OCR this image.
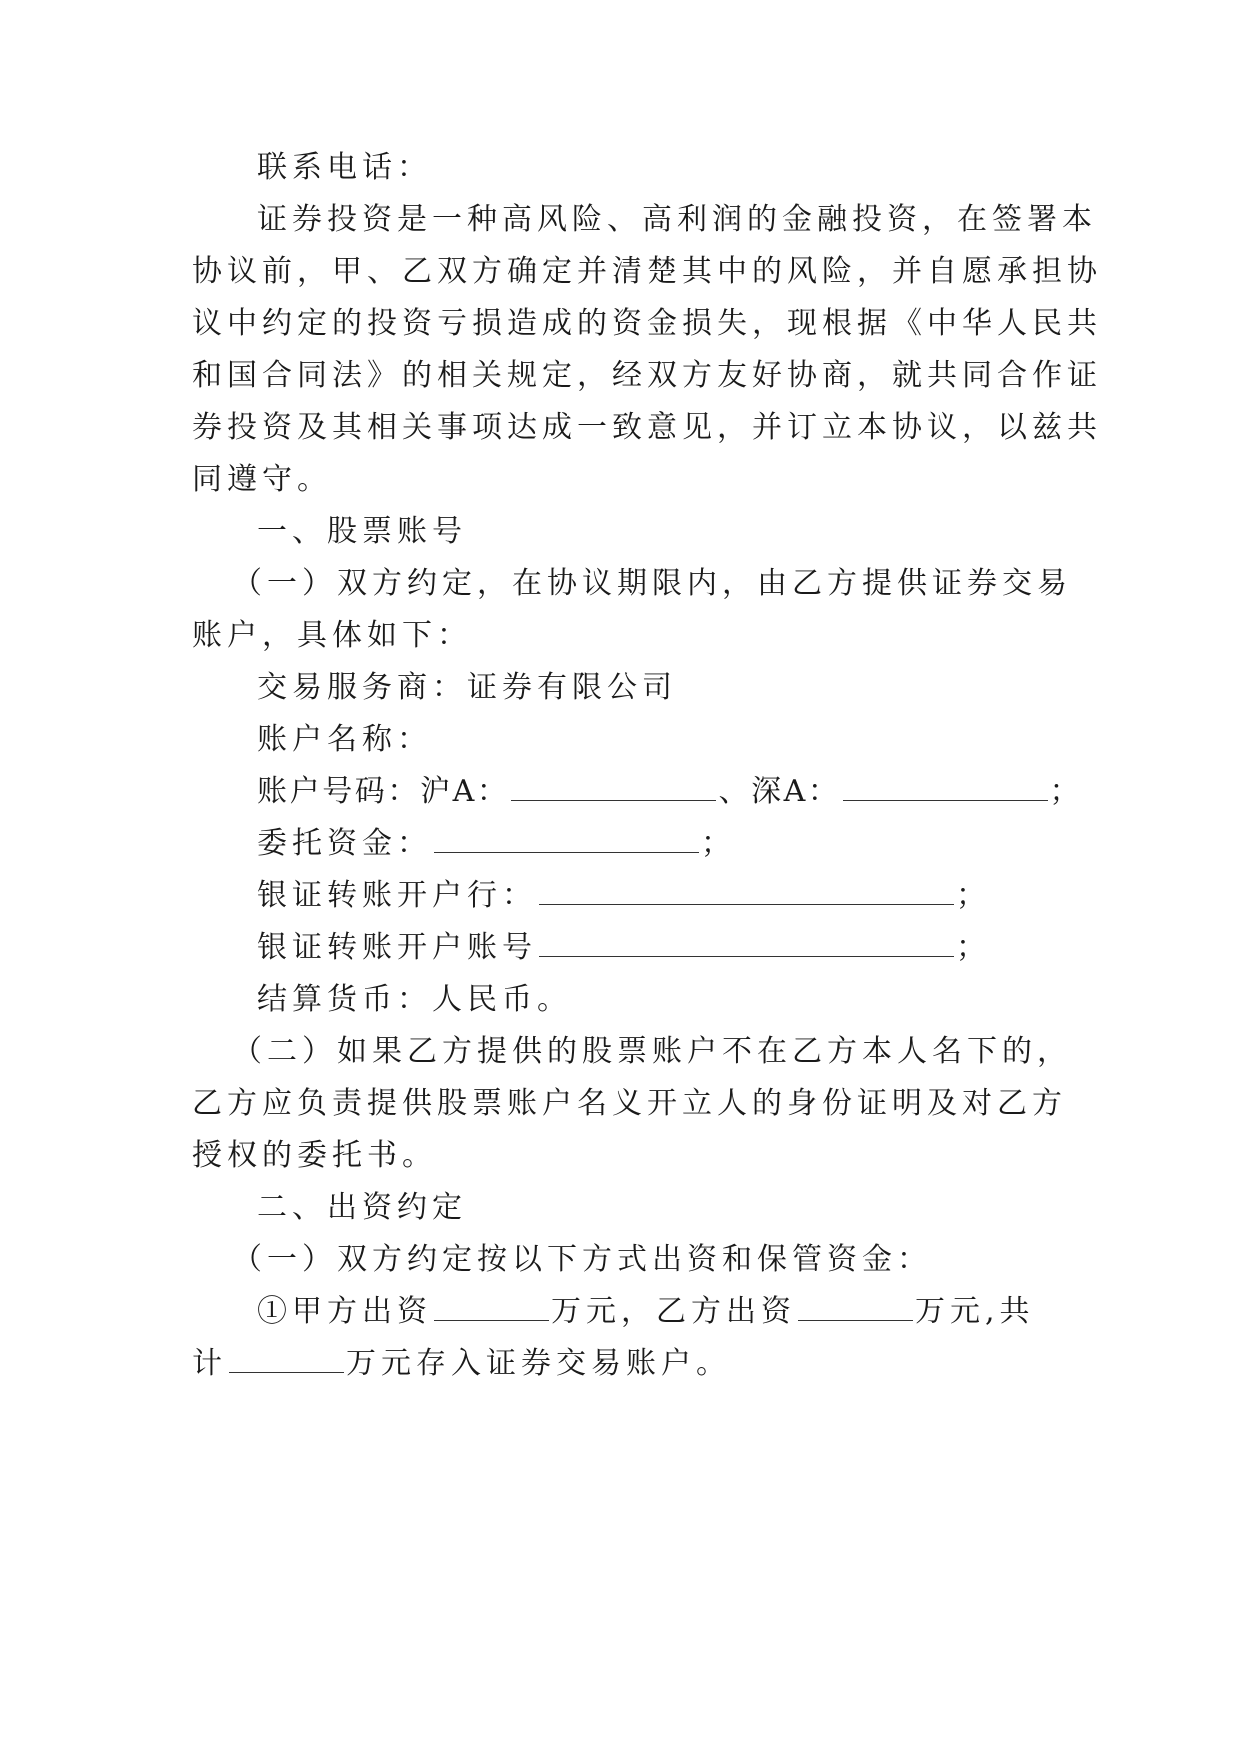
联系电话：
证券投资是一种高风险、高利润的金融投资，在签署本
协议前，甲、乙双方确定并清楚其中的风险，并自愿承担协
议中约定的投资亏损造成的资金损失，现根据《中华人民共
和国合同法》的相关规定，经双方友好协商，就共同合作证
券投资及其相关事项达成一致意见，并订立本协议，以兹共
同遵守。
一、股票账号
（一）双方约定，在协议期限内，由乙方提供证券交易
账户，具体如下：
交易服务商：证券有限公司
账户名称：
账户号码：沪A：	、深A：	；
委托资金：	；
银证转账开户行：	；
银证转账开户账号	；
结算货币：人民币。
（二）如果乙方提供的股票账户不在乙方本人名下的，
乙方应负责提供股票账户名义开立人的身份证明及对乙方
授权的委托书。
二、出资约定
（一）双方约定按以下方式出资和保管资金：
①甲方出资	万元，乙方出资	万元,共
计	万元存入证券交易账户。
